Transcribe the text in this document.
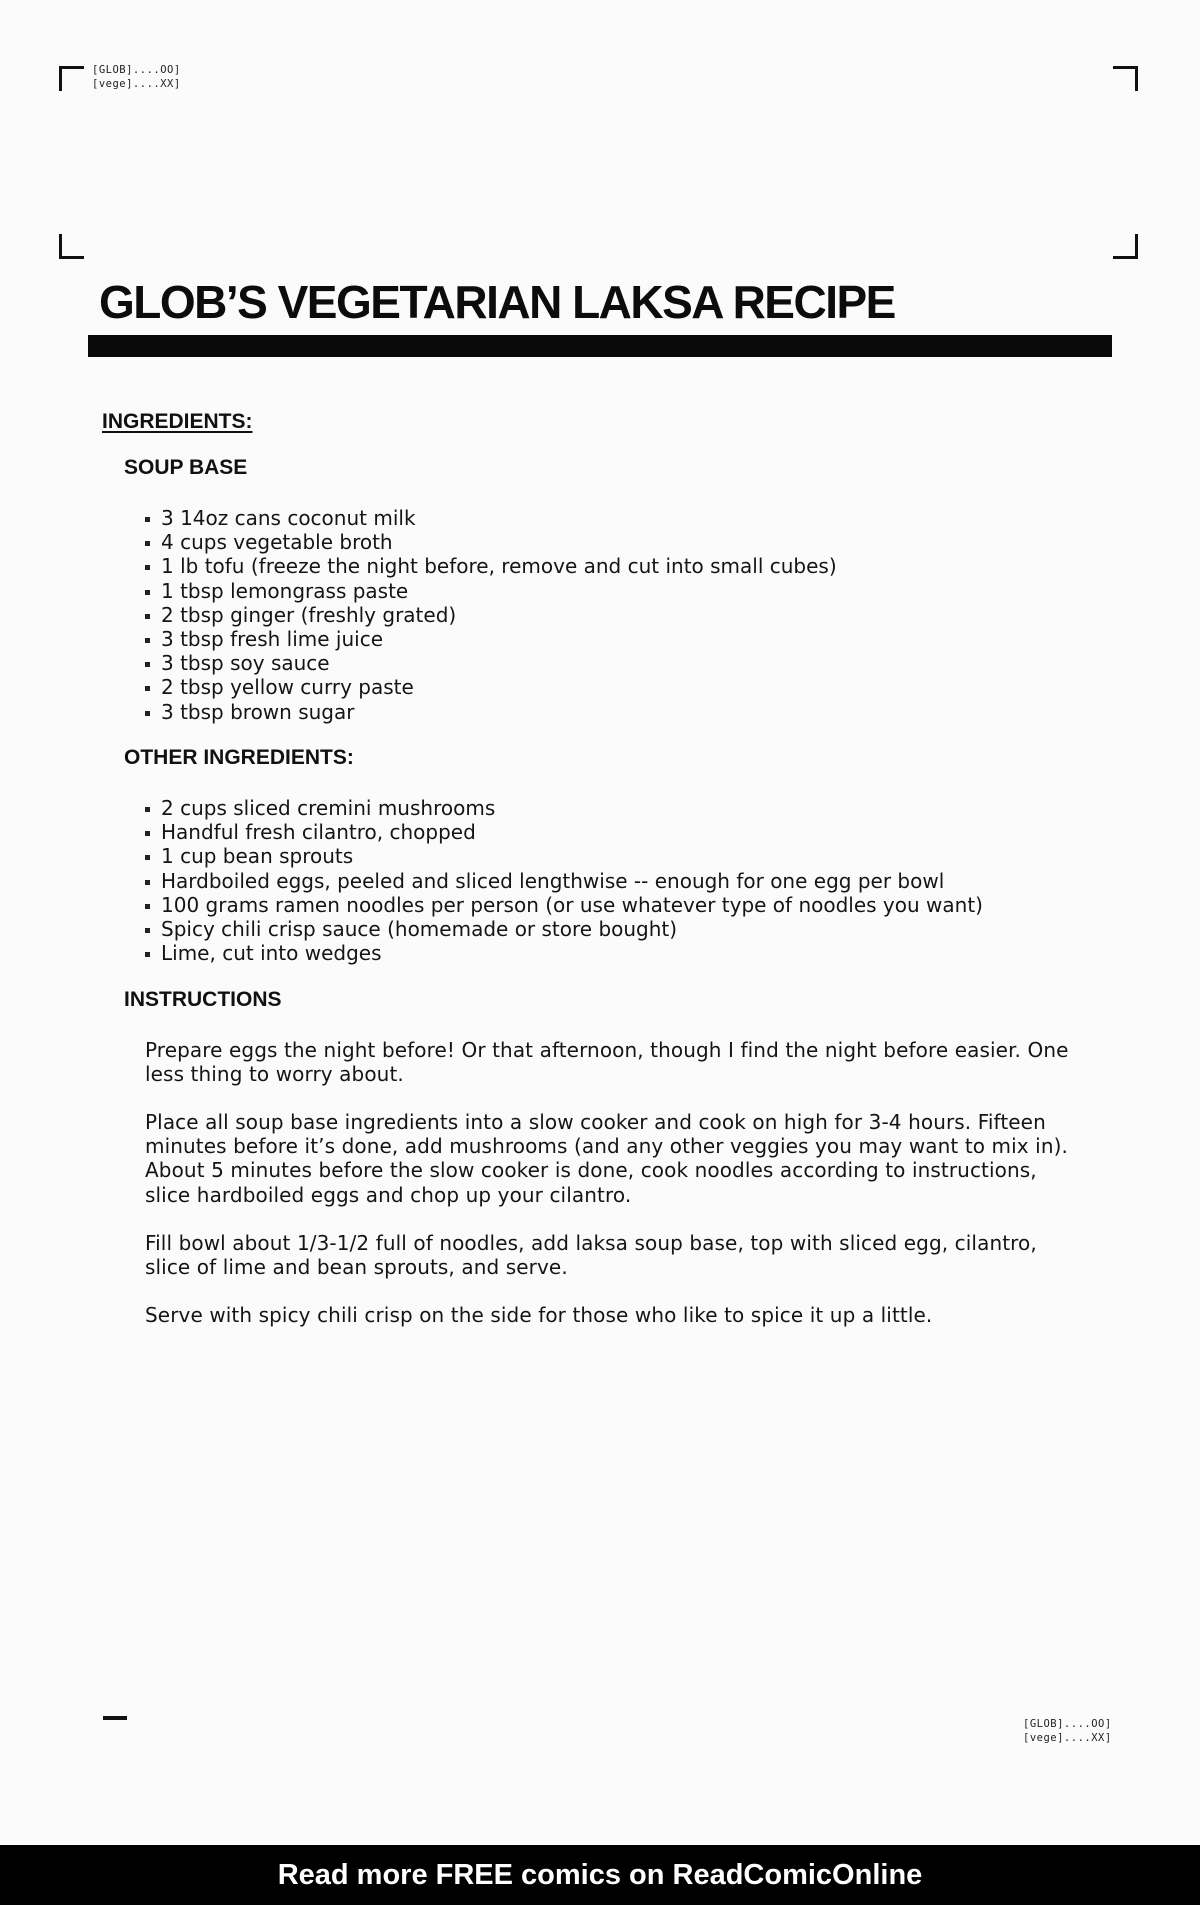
[GLOB]....OO]
[vege]....XX]
GLOB’S VEGETARIAN LAKSA RECIPE
INGREDIENTS:
SOUP BASE
3 14oz cans coconut milk
4 cups vegetable broth
1 lb tofu (freeze the night before, remove and cut into small cubes)
1 tbsp lemongrass paste
2 tbsp ginger (freshly grated)
3 tbsp fresh lime juice
3 tbsp soy sauce
2 tbsp yellow curry paste
3 tbsp brown sugar
OTHER INGREDIENTS:
2 cups sliced cremini mushrooms
Handful fresh cilantro, chopped
1 cup bean sprouts
Hardboiled eggs, peeled and sliced lengthwise -- enough for one egg per bowl
100 grams ramen noodles per person (or use whatever type of noodles you want)
Spicy chili crisp sauce (homemade or store bought)
Lime, cut into wedges
INSTRUCTIONS

Prepare eggs the night before! Or that afternoon, though I find the night before easier. One less thing to worry about.

Place all soup base ingredients into a slow cooker and cook on high for 3-4 hours. Fifteen minutes before it’s done, add mushrooms (and any other veggies you may want to mix in). About 5 minutes before the slow cooker is done, cook noodles according to instructions, slice hardboiled eggs and chop up your cilantro.

Fill bowl about 1/3-1/2 full of noodles, add laksa soup base, top with sliced egg, cilantro, slice of lime and bean sprouts, and serve.

Serve with spicy chili crisp on the side for those who like to spice it up a little.

[GLOB]....OO]
[vege]....XX]
Read more FREE comics on ReadComicOnline
